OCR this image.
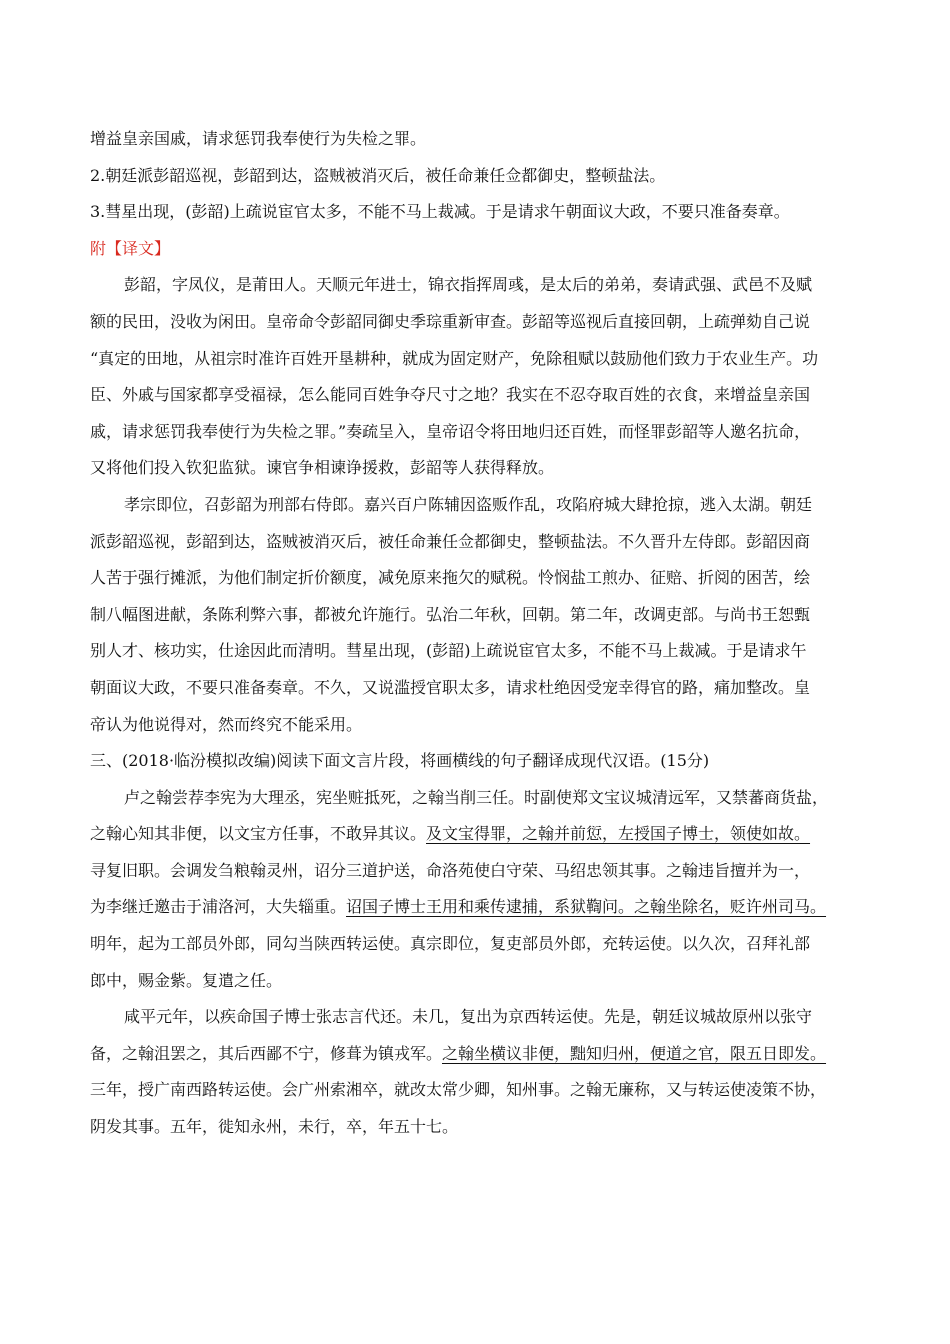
增益皇亲国戚，请求惩罚我奉使行为失检之罪。
2.朝廷派彭韶巡视，彭韶到达，盗贼被消灭后，被任命兼任佥都御史，整顿盐法。
3.彗星出现，(彭韶)上疏说宦官太多，不能不马上裁减。于是请求午朝面议大政，不要只准备奏章。
附【译文】
彭韶，字凤仪，是莆田人。天顺元年进士，锦衣指挥周彧，是太后的弟弟，奏请武强、武邑不及赋
额的民田，没收为闲田。皇帝命令彭韶同御史季琮重新审查。彭韶等巡视后直接回朝，上疏弹劾自己说
“真定的田地，从祖宗时准许百姓开垦耕种，就成为固定财产，免除租赋以鼓励他们致力于农业生产。功
臣、外戚与国家都享受福禄，怎么能同百姓争夺尺寸之地？我实在不忍夺取百姓的衣食，来增益皇亲国
戚，请求惩罚我奉使行为失检之罪。”奏疏呈入，皇帝诏令将田地归还百姓，而怪罪彭韶等人邀名抗命，
又将他们投入钦犯监狱。谏官争相谏诤援救，彭韶等人获得释放。
孝宗即位，召彭韶为刑部右侍郎。嘉兴百户陈辅因盗贩作乱，攻陷府城大肆抢掠，逃入太湖。朝廷
派彭韶巡视，彭韶到达，盗贼被消灭后，被任命兼任佥都御史，整顿盐法。不久晋升左侍郎。彭韶因商
人苦于强行摊派，为他们制定折价额度，减免原来拖欠的赋税。怜悯盐工煎办、征赔、折阅的困苦，绘
制八幅图进献，条陈利弊六事，都被允许施行。弘治二年秋，回朝。第二年，改调吏部。与尚书王恕甄
别人才、核功实，仕途因此而清明。彗星出现，(彭韶)上疏说宦官太多，不能不马上裁减。于是请求午
朝面议大政，不要只准备奏章。不久，又说滥授官职太多，请求杜绝因受宠幸得官的路，痛加整改。皇
帝认为他说得对，然而终究不能采用。
三、(2018·临汾模拟改编)阅读下面文言片段，将画横线的句子翻译成现代汉语。(15分)
卢之翰尝荐李宪为大理丞，宪坐赃抵死，之翰当削三任。时副使郑文宝议城清远军，又禁蕃商货盐，
之翰心知其非便，以文宝方任事，不敢异其议。及文宝得罪，之翰并前愆，左授国子博士，领使如故。
寻复旧职。会调发刍粮翰灵州，诏分三道护送，命洛苑使白守荣、马绍忠领其事。之翰违旨擅并为一，
为李继迁邀击于浦洛河，大失辎重。诏国子博士王用和乘传逮捕，系狱鞫问。之翰坐除名，贬许州司马。
明年，起为工部员外郎，同勾当陕西转运使。真宗即位，复吏部员外郎，充转运使。以久次，召拜礼部
郎中，赐金紫。复遣之任。
咸平元年，以疾命国子博士张志言代还。未几，复出为京西转运使。先是，朝廷议城故原州以张守
备，之翰沮罢之，其后西鄙不宁，修葺为镇戎军。之翰坐横议非便，黜知归州，便道之官，限五日即发。
三年，授广南西路转运使。会广州索湘卒，就改太常少卿，知州事。之翰无廉称，又与转运使凌策不协，
阴发其事。五年，徙知永州，未行，卒，年五十七。
